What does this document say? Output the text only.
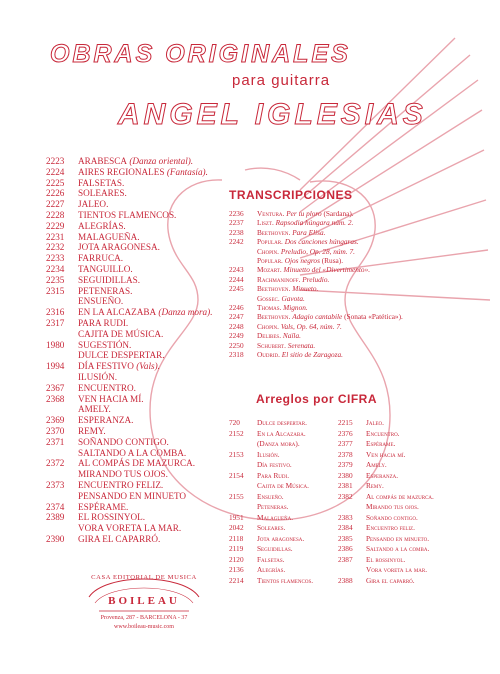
OBRAS ORIGINALES
para guitarra
ANGEL IGLESIAS
2223	ARABESCA
(Danza oriental).
2224	AIRES REGIONALES
(Fantasía).
2225	FALSETAS.
2226	SOLEARES.
2227	JALEO.
2228	TIENTOS FLAMENCOS.
2229	ALEGRÍAS.
2231	MALAGUEÑA.
2232	JOTA ARAGONESA.
2233	FARRUCA.
2234	TANGUILLO.
2235	SEGUIDILLAS.
2315	PETENERAS.
ENSUEÑO.
2316	EN LA ALCAZABA
(Danza mora).
2317	PARA RUDI.
CAJITA DE MÚSICA.
1980	SUGESTIÓN.
DULCE DESPERTAR.
1994	DÍA FESTIVO
(Vals).
ILUSIÓN.
2367	ENCUENTRO.
2368	VEN HACIA MÍ.
AMELY.
2369	ESPERANZA.
2370	REMY.
2371	SOÑANDO CONTIGO.
SALTANDO A LA COMBA.
2372	AL COMPÁS DE MAZURCA.
MIRANDO TUS OJOS.
2373	ENCUENTRO FELIZ.
PENSANDO EN MINUETO
2374	ESPÉRAME.
2389	EL ROSSINYOL.
VORA VORETA LA MAR.
2390	GIRA EL CAPARRÓ.
TRANSCRIPCIONES
2236	Ventura.
Per tu ploro
(Sardana).
2237	Liszt.
Rapsodia húngara núm. 2.
2238	Beethoven.
Para Elisa.
2242	Popular.
Dos canciones húngaras.
Chopin.
Preludio, Op. 28, núm. 7.
Popular.
Ojos negros
(Rusa).
2243	Mozart.
Minuetto del «Divertimento».
2244	Rachmaninoff.
Preludio.
2245	Beethoven.
Minueto.
Gossec.
Gavota.
2246	Thomas.
Mignon.
2247	Beethoven.
Adagio cantabile
(Sonata «Patética»).
2248	Chopin.
Vals, Op. 64, núm. 7.
2249	Delibes.
Naïla.
2250	Schubert.
Serenata.
2318	Oudrid.
El sitio de Zaragoza.
Arreglos por CIFRA
720	Dulce despertar.
2152	En la Alcazaba.
(Danza mora).
2153	Ilusión.
Día festivo.
2154	Para Rudi.
Cajita de Música.
2155	Ensueño.
Peteneras.
1951	Malagueña.
2042	Soleares.
2118	Jota aragonesa.
2119	Seguidillas.
2120	Falsetas.
2136	Alegrías.
2214	Tientos flamencos.
2215	Jaleo.
2376	Encuentro.
2377	Espérame.
2378	Ven hacia mí.
2379	Amely.
2380	Esperanza.
2381	Remy.
2382	Al compás de mazurca.
Mirando tus ojos.
2383	Soñando contigo.
2384	Encuentro feliz.
2385	Pensando en minueto.
2386	Saltando a la comba.
2387	El rossinyol.
Vora voreta la mar.
2388	Gira el caparró.
CASA EDITORIAL DE MUSICA
BOILEAU
Provenza, 287 - BARCELONA - 37
www.boileau-music.com
